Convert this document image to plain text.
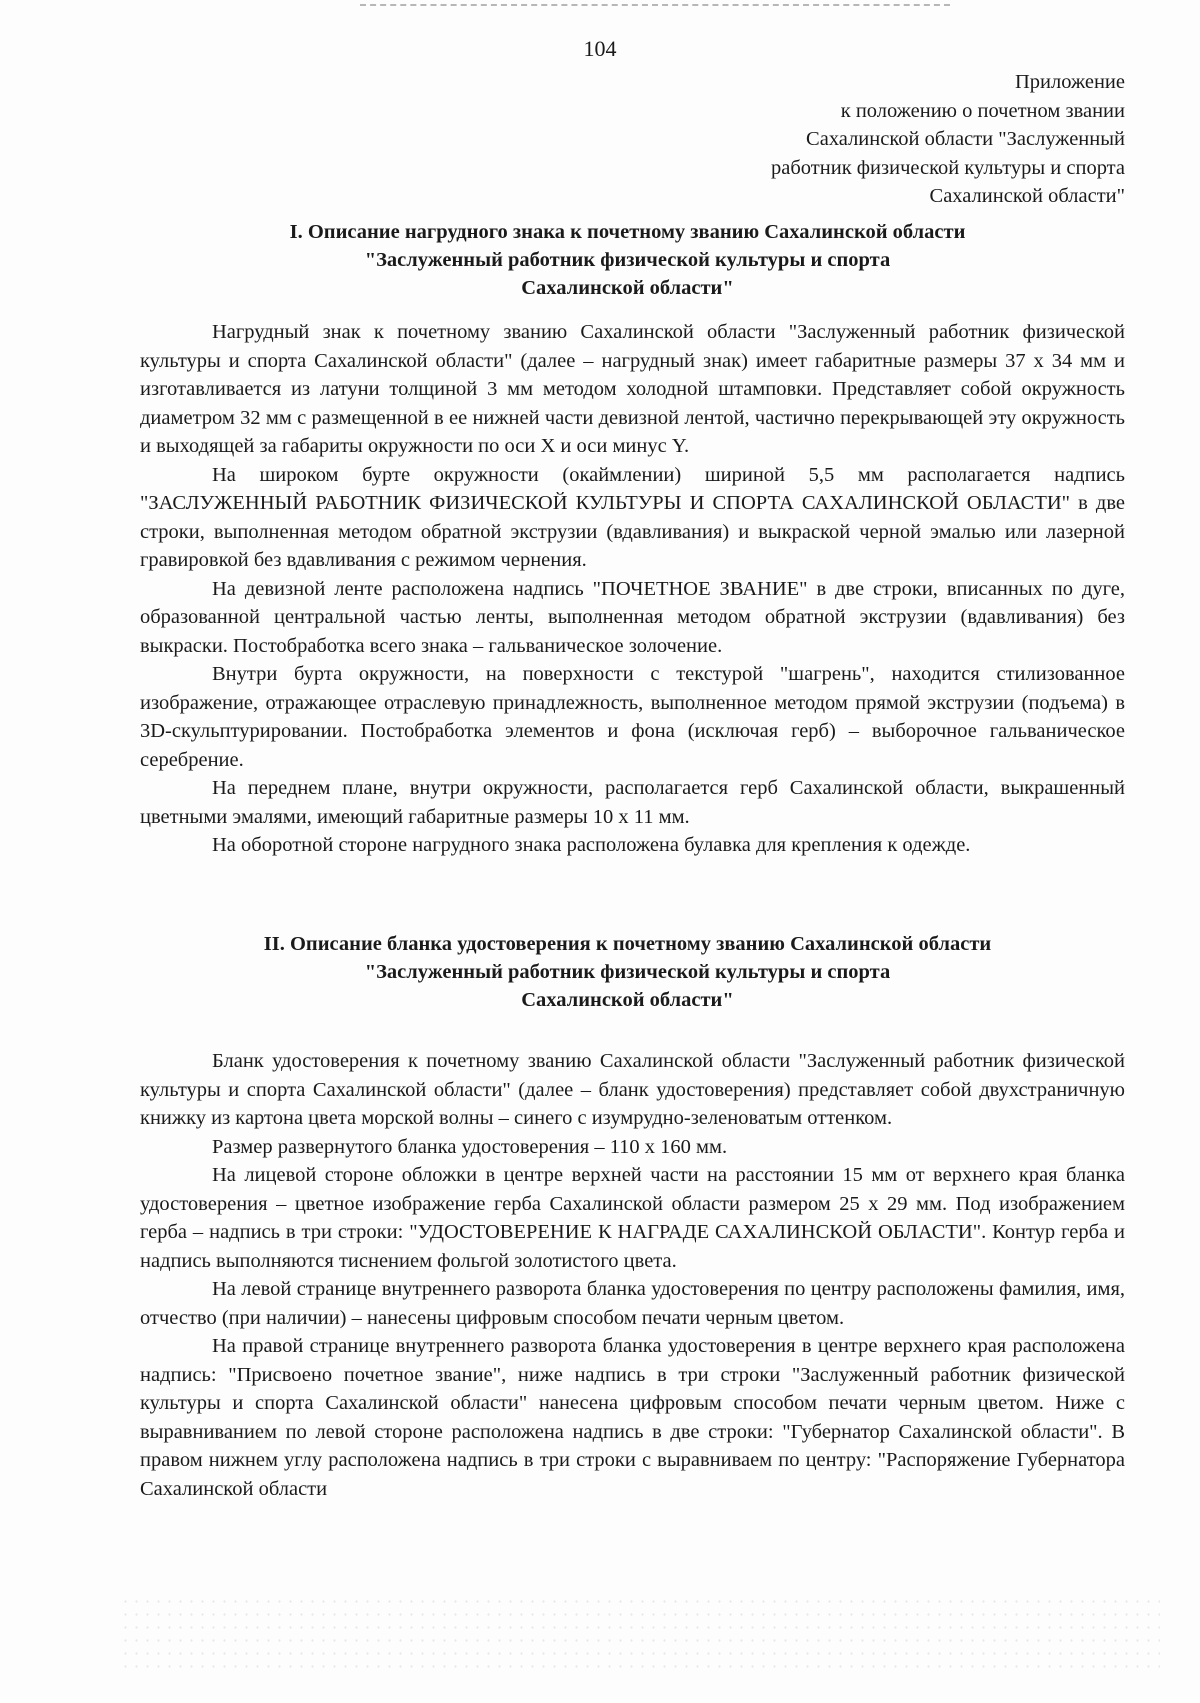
104
Приложение
к положению о почетном звании
Сахалинской области "Заслуженный
работник физической культуры и спорта
Сахалинской области"
I. Описание нагрудного знака к почетному званию Сахалинской области
"Заслуженный работник физической культуры и спорта
Сахалинской области"

Нагрудный знак к почетному званию Сахалинской области "Заслуженный работник физической культуры и спорта Сахалинской области" (далее – нагрудный знак) имеет габаритные размеры 37 х 34 мм и изготавливается из латуни толщиной 3 мм методом холодной штамповки. Представляет собой окружность диаметром 32 мм с размещенной в ее нижней части девизной лентой, частично перекрывающей эту окружность и выходящей за габариты окружности по оси Х и оси минус Y.

На широком бурте окружности (окаймлении) шириной 5,5 мм располагается надпись "ЗАСЛУЖЕННЫЙ РАБОТНИК ФИЗИЧЕСКОЙ КУЛЬТУРЫ И СПОРТА САХАЛИНСКОЙ ОБЛАСТИ" в две строки, выполненная методом обратной экструзии (вдавливания) и выкраской черной эмалью или лазерной гравировкой без вдавливания с режимом чернения.

На девизной ленте расположена надпись "ПОЧЕТНОЕ ЗВАНИЕ" в две строки, вписанных по дуге, образованной центральной частью ленты, выполненная методом обратной экструзии (вдавливания) без выкраски. Постобработка всего знака – гальваническое золочение.

Внутри бурта окружности, на поверхности с текстурой "шагрень", находится стилизованное изображение, отражающее отраслевую принадлежность, выполненное методом прямой экструзии (подъема) в 3D-скульптурировании. Постобработка элементов и фона (исключая герб) – выборочное гальваническое серебрение.

На переднем плане, внутри окружности, располагается герб Сахалинской области, выкрашенный цветными эмалями, имеющий габаритные размеры 10 х 11 мм.

На оборотной стороне нагрудного знака расположена булавка для крепления к одежде.

II. Описание бланка удостоверения к почетному званию Сахалинской области
"Заслуженный работник физической культуры и спорта
Сахалинской области"

Бланк удостоверения к почетному званию Сахалинской области "Заслуженный работник физической культуры и спорта Сахалинской области" (далее – бланк удостоверения) представляет собой двухстраничную книжку из картона цвета морской волны – синего с изумрудно-зеленоватым оттенком.

Размер развернутого бланка удостоверения – 110 х 160 мм.

На лицевой стороне обложки в центре верхней части на расстоянии 15 мм от верхнего края бланка удостоверения – цветное изображение герба Сахалинской области размером 25 х 29 мм. Под изображением герба – надпись в три строки: "УДОСТОВЕРЕНИЕ К НАГРАДЕ САХАЛИНСКОЙ ОБЛАСТИ". Контур герба и надпись выполняются тиснением фольгой золотистого цвета.

На левой странице внутреннего разворота бланка удостоверения по центру расположены фамилия, имя, отчество (при наличии) – нанесены цифровым способом печати черным цветом.

На правой странице внутреннего разворота бланка удостоверения в центре верхнего края расположена надпись: "Присвоено почетное звание", ниже надпись в три строки "Заслуженный работник физической культуры и спорта Сахалинской области" нанесена цифровым способом печати черным цветом. Ниже с выравниванием по левой стороне расположена надпись в две строки: "Губернатор Сахалинской области". В правом нижнем углу расположена надпись в три строки с выравниваем по центру: "Распоряжение Губернатора Сахалинской области
